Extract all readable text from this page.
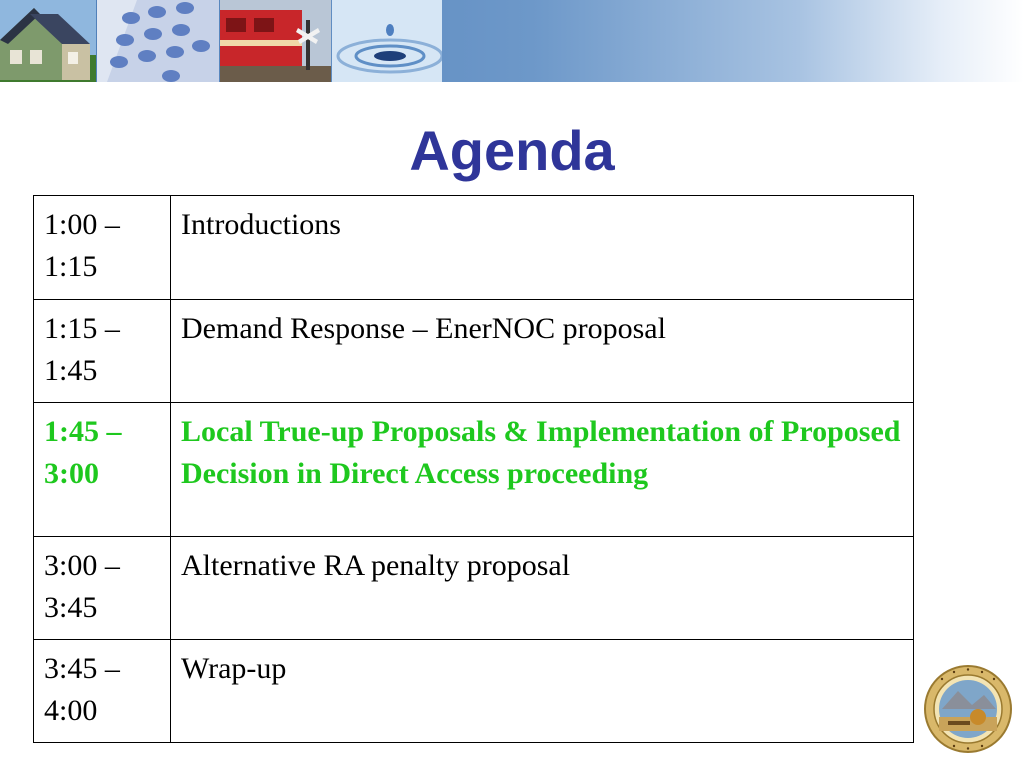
Agenda
1:00 – 1:15	Introductions
1:15 – 1:45	Demand Response – EnerNOC proposal
1:45 – 3:00	Local True-up Proposals & Implementation of Proposed Decision in Direct Access proceeding
3:00 – 3:45	Alternative RA penalty proposal
3:45 – 4:00	Wrap-up
